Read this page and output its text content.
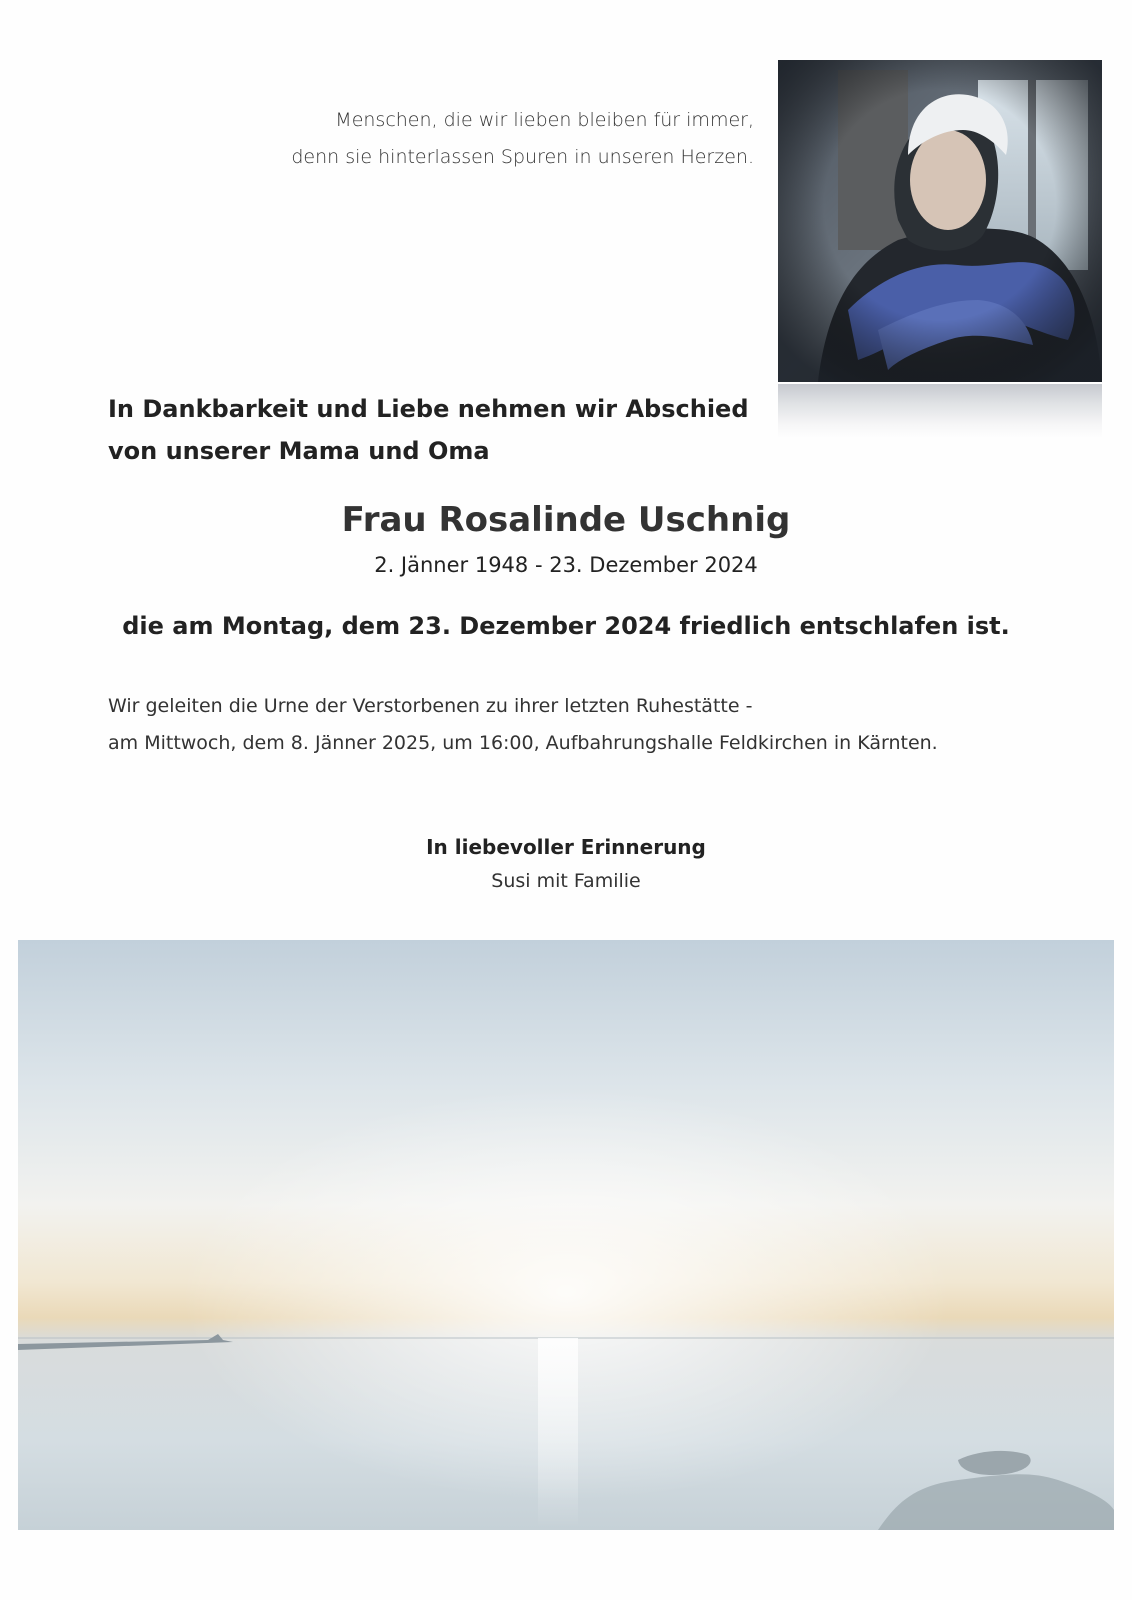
Menschen, die wir lieben bleiben für immer,
denn sie hinterlassen Spuren in unseren Herzen.
In Dankbarkeit und Liebe nehmen wir Abschied
von unserer Mama und Oma
Frau Rosalinde Uschnig
2. Jänner 1948 - 23. Dezember 2024
die am Montag, dem 23. Dezember 2024 friedlich entschlafen ist.
Wir geleiten die Urne der Verstorbenen zu ihrer letzten Ruhestätte -
am Mittwoch, dem 8. Jänner 2025, um 16:00, Aufbahrungshalle Feldkirchen in Kärnten.
In liebevoller Erinnerung
Susi mit Familie
